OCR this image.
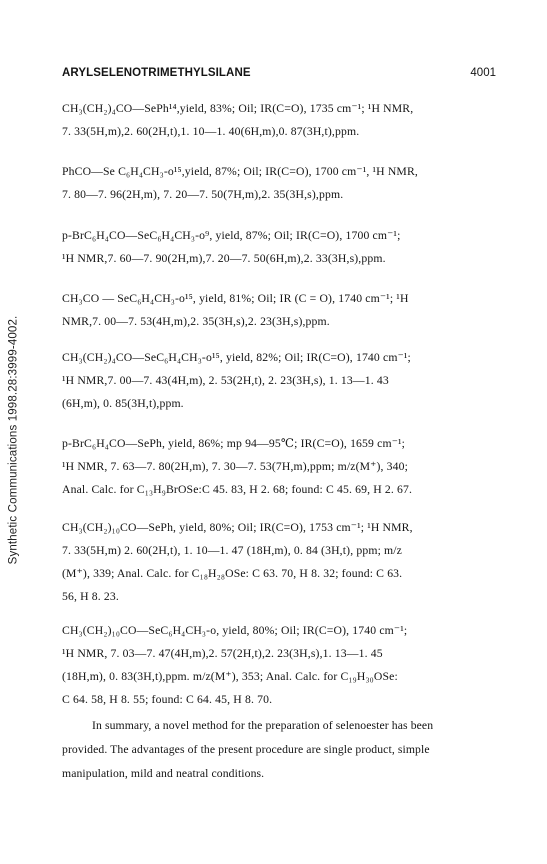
Synthetic Communications 1998.28:3999-4002.
ARYLSELENOTRIMETHYLSILANE	4001
CH₃(CH₂)₄CO—SePh¹⁴,yield, 83%; Oil; IR(C=O), 1735 cm⁻¹; ¹H NMR,
7. 33(5H,m),2. 60(2H,t),1. 10—1. 40(6H,m),0. 87(3H,t),ppm.
PhCO—Se C₆H₄CH₃-o¹⁵,yield, 87%; Oil; IR(C=O), 1700 cm⁻¹, ¹H NMR,
7. 80—7. 96(2H,m), 7. 20—7. 50(7H,m),2. 35(3H,s),ppm.
p-BrC₆H₄CO—SeC₆H₄CH₃-o⁹, yield, 87%; Oil; IR(C=O), 1700 cm⁻¹;
¹H NMR,7. 60—7. 90(2H,m),7. 20—7. 50(6H,m),2. 33(3H,s),ppm.
CH₃CO — SeC₆H₄CH₃-o¹⁵, yield, 81%; Oil; IR (C = O), 1740 cm⁻¹; ¹H
NMR,7. 00—7. 53(4H,m),2. 35(3H,s),2. 23(3H,s),ppm.
CH₃(CH₂)₄CO—SeC₆H₄CH₃-o¹⁵, yield, 82%; Oil; IR(C=O), 1740 cm⁻¹;
¹H NMR,7. 00—7. 43(4H,m), 2. 53(2H,t), 2. 23(3H,s), 1. 13—1. 43
(6H,m), 0. 85(3H,t),ppm.
p-BrC₆H₄CO—SePh, yield, 86%; mp 94—95℃; IR(C=O), 1659 cm⁻¹;
¹H NMR, 7. 63—7. 80(2H,m), 7. 30—7. 53(7H,m),ppm; m/z(M⁺), 340;
Anal. Calc. for C₁₃H₉BrOSe:C 45. 83, H 2. 68; found: C 45. 69, H 2. 67.
CH₃(CH₂)₁₀CO—SePh, yield, 80%; Oil; IR(C=O), 1753 cm⁻¹; ¹H NMR,
7. 33(5H,m) 2. 60(2H,t), 1. 10—1. 47 (18H,m), 0. 84 (3H,t), ppm; m/z
(M⁺), 339; Anal. Calc. for C₁₈H₂₈OSe: C 63. 70, H 8. 32; found: C 63.
56, H 8. 23.
CH₃(CH₂)₁₀CO—SeC₆H₄CH₃-o, yield, 80%; Oil; IR(C=O), 1740 cm⁻¹;
¹H NMR, 7. 03—7. 47(4H,m),2. 57(2H,t),2. 23(3H,s),1. 13—1. 45
(18H,m), 0. 83(3H,t),ppm. m/z(M⁺), 353; Anal. Calc. for C₁₉H₃₀OSe:
C 64. 58, H 8. 55; found: C 64. 45, H 8. 70.
In summary, a novel method for the preparation of selenoester has been
provided. The advantages of the present procedure are single product, simple
manipulation, mild and neatral conditions.
